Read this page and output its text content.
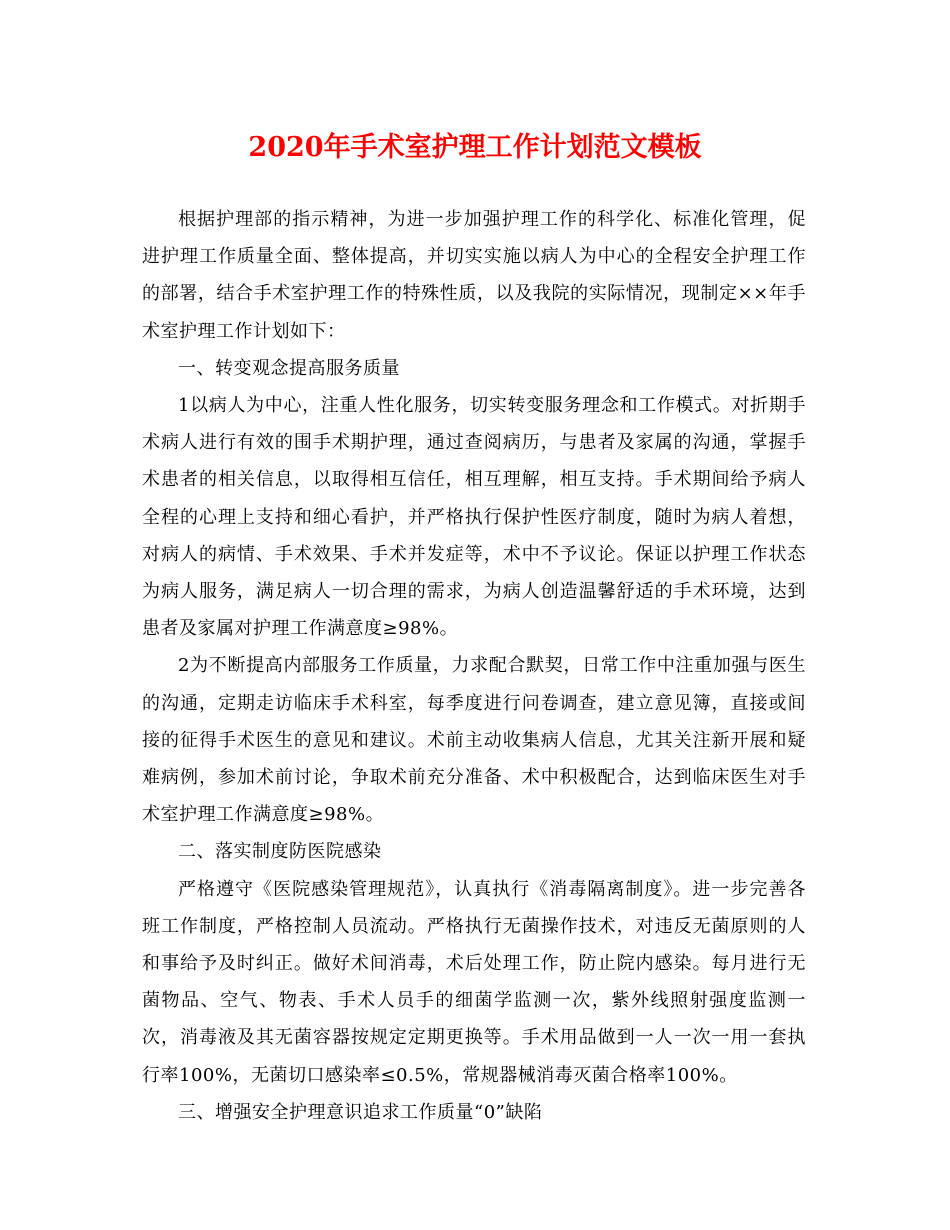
2020年手术室护理工作计划范文模板

根据护理部的指示精神，为进一步加强护理工作的科学化、标准化管理，促进护理工作质量全面、整体提高，并切实实施以病人为中心的全程安全护理工作的部署，结合手术室护理工作的特殊性质，以及我院的实际情况，现制定××年手术室护理工作计划如下：

一、转变观念提高服务质量

1以病人为中心，注重人性化服务，切实转变服务理念和工作模式。对折期手术病人进行有效的围手术期护理，通过查阅病历，与患者及家属的沟通，掌握手术患者的相关信息，以取得相互信任，相互理解，相互支持。手术期间给予病人全程的心理上支持和细心看护，并严格执行保护性医疗制度，随时为病人着想，对病人的病情、手术效果、手术并发症等，术中不予议论。保证以护理工作状态为病人服务，满足病人一切合理的需求，为病人创造温馨舒适的手术环境，达到患者及家属对护理工作满意度≥98%。

2为不断提高内部服务工作质量，力求配合默契，日常工作中注重加强与医生的沟通，定期走访临床手术科室，每季度进行问卷调查，建立意见簿，直接或间接的征得手术医生的意见和建议。术前主动收集病人信息，尤其关注新开展和疑难病例，参加术前讨论，争取术前充分准备、术中积极配合，达到临床医生对手术室护理工作满意度≥98%。

二、落实制度防医院感染

严格遵守《医院感染管理规范》，认真执行《消毒隔离制度》。进一步完善各班工作制度，严格控制人员流动。严格执行无菌操作技术，对违反无菌原则的人和事给予及时纠正。做好术间消毒，术后处理工作，防止院内感染。每月进行无菌物品、空气、物表、手术人员手的细菌学监测一次，紫外线照射强度监测一次，消毒液及其无菌容器按规定定期更换等。手术用品做到一人一次一用一套执行率100%，无菌切口感染率≤0.5%，常规器械消毒灭菌合格率100%。

三、增强安全护理意识追求工作质量“0”缺陷
